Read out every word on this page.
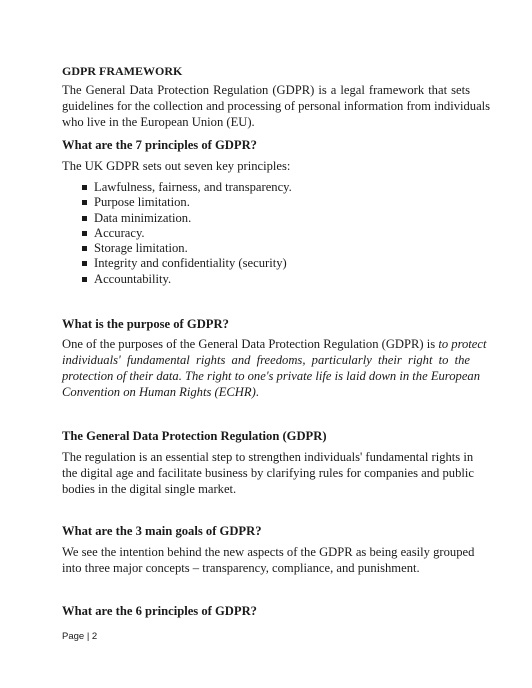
GDPR FRAMEWORK
The General Data Protection Regulation (GDPR) is a legal framework that sets
guidelines for the collection and processing of personal information from individuals
who live in the European Union (EU).
What are the 7 principles of GDPR?
The UK GDPR sets out seven key principles:
Lawfulness, fairness, and transparency.
Purpose limitation.
Data minimization.
Accuracy.
Storage limitation.
Integrity and confidentiality (security)
Accountability.
What is the purpose of GDPR?
One of the purposes of the General Data Protection Regulation (GDPR) is to protect
individuals' fundamental rights and freedoms, particularly their right to the
protection of their data. The right to one's private life is laid down in the European
Convention on Human Rights (ECHR).
The General Data Protection Regulation (GDPR)
The regulation is an essential step to strengthen individuals' fundamental rights in
the digital age and facilitate business by clarifying rules for companies and public
bodies in the digital single market.
What are the 3 main goals of GDPR?
We see the intention behind the new aspects of the GDPR as being easily grouped
into three major concepts – transparency, compliance, and punishment.
What are the 6 principles of GDPR?
Page | 2
